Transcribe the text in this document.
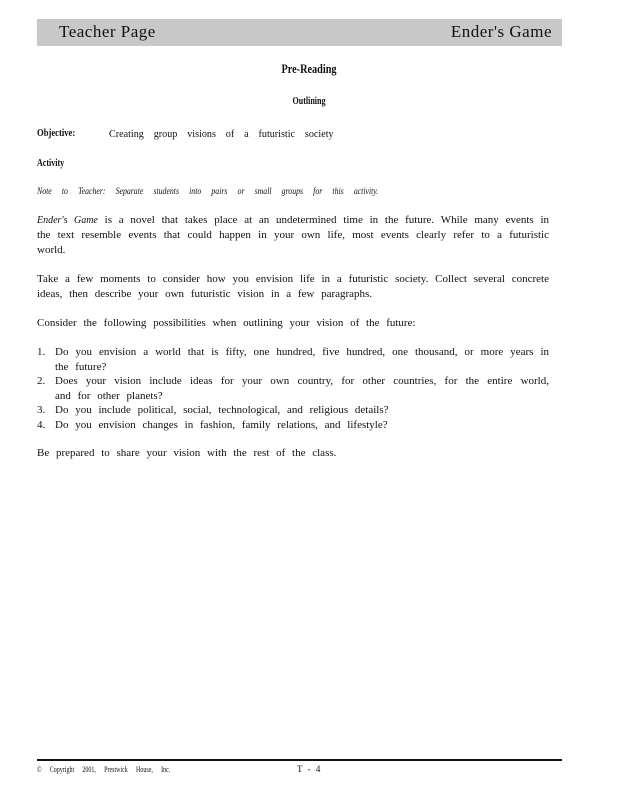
Teacher Page	Ender's Game
Pre-Reading
Outlining
Objective:	Creating group visions of a futuristic society
Activity
Note to Teacher: Separate students into pairs or small groups for this activity.
Ender's Game is a novel that takes place at an undetermined time in the future. While many events in the text resemble events that could happen in your own life, most events clearly refer to a futuristic world.
Take a few moments to consider how you envision life in a futuristic society. Collect several concrete ideas, then describe your own futuristic vision in a few paragraphs.
Consider the following possibilities when outlining your vision of the future:
1. Do you envision a world that is fifty, one hundred, five hundred, one thousand, or more years in the future?
2. Does your vision include ideas for your own country, for other countries, for the entire world, and for other planets?
3. Do you include political, social, technological, and religious details?
4. Do you envision changes in fashion, family relations, and lifestyle?
Be prepared to share your vision with the rest of the class.
© Copyright 2001, Prestwick House, Inc.	T - 4
